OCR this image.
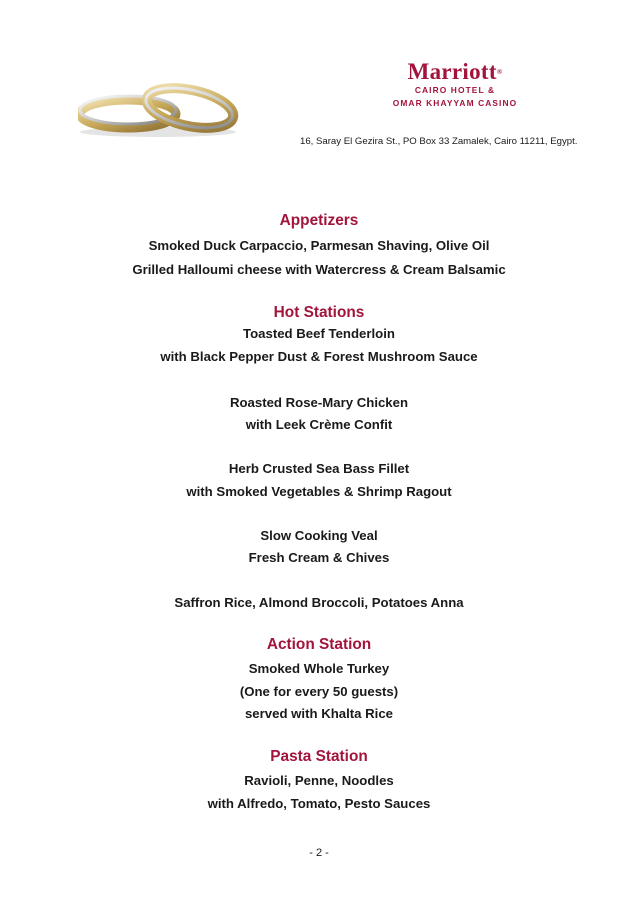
Marriott®
CAIRO HOTEL &
OMAR KHAYYAM CASINO
16, Saray El Gezira St., PO Box 33 Zamalek, Cairo 11211, Egypt.
Appetizers
Smoked Duck Carpaccio, Parmesan Shaving, Olive Oil
Grilled Halloumi cheese with Watercress & Cream Balsamic
Hot Stations
Toasted Beef Tenderloin
with Black Pepper Dust & Forest Mushroom Sauce
Roasted Rose-Mary Chicken
with Leek Crème Confit
Herb Crusted Sea Bass Fillet
with Smoked Vegetables & Shrimp Ragout
Slow Cooking Veal
Fresh Cream & Chives
Saffron Rice, Almond Broccoli, Potatoes Anna
Action Station
Smoked Whole Turkey
(One for every 50 guests)
served with Khalta Rice
Pasta Station
Ravioli, Penne, Noodles
with Alfredo, Tomato, Pesto Sauces
- 2 -
